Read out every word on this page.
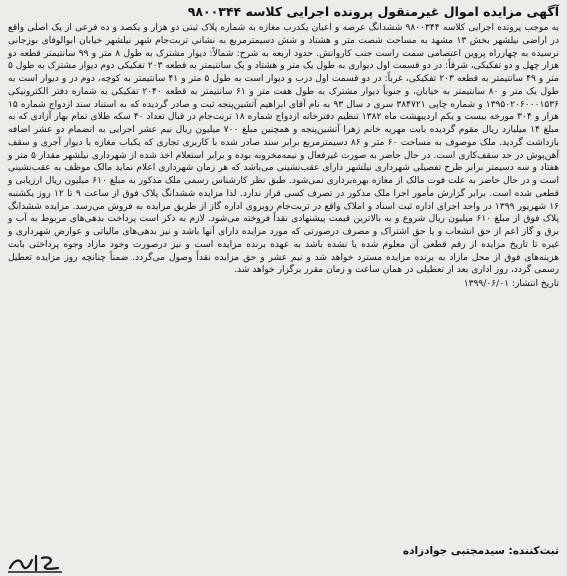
آگهی مزایده اموال غیرمنقول پرونده اجرایی کلاسه ۹۸۰۰۳۴۴

به موجب پرونده اجرایی کلاسه ۹۸۰۰۳۴۴ ششدانگ عرصه و اعیان یکدرب مغازه به شماره پلاک ثبتی دو هزار و یکصد و ده فرعی از یک اصلی واقع در اراضی نیلشهر بخش ۱۳ مشهد به مساحت شصت متر و هشتاد و شش دسیمترمربع به نشانی تربت‌جام شهر نیلشهر خیابان ابوالوفای بوزجانی نرسیده به چهارراه پروین اعتصامی سمت راست جنب کاروانش. حدود اربعه به شرح: شمالاً: دیوار مشترک به طول ۸ متر و ۹۹ سانتیمتر قطعه دو هزار چهل و دو تفکیکی، شرقاً: در دو قسمت اول دیواری به طول یک متر و هشتاد و یک سانتیمتر به قطعه ۲۰۳ تفکیکی دوم دیوار مشترک به طول ۵ متر و ۴۹ سانتیمتر به قطعه ۲۰۳ تفکیکی، غرباً: در دو قسمت اول درب و دیوار است به طول ۵ متر و ۴۱ سانتیمتر به کوچه، دوم در و دیوار است به طول یک متر و ۸۰ سانتیمتر به خیابان، و جنوباً دیوار مشترک به طول هفت متر و ۶۱ سانتیمتر به قطعه ۲۰۴۰ تفکیکی به شماره دفتر الکترونیکی ۱۳۹۵۰۲۰۶۰۰۰۱۵۳۶ و شماره چاپی ۳۸۴۷۲۱ سری د سال ۹۳ به نام آقای ابراهیم آتشین‌پنجه ثبت و صادر گردیده که به استناد سند ازدواج شماره ۱۵ هزار و ۳۰۴ مورخه بیست و یکم اردیبهشت ماه ۱۳۸۲ تنظیم دفترخانه ازدواج شماره ۱۸ تربت‌جام در قبال تعداد ۴۰ سکه طلای تمام بهار آزادی که به مبلغ ۱۴ میلیارد ریال مقوم گردیده بابت مهریه خانم زهرا آتشین‌پنجه و همچنین مبلغ ۷۰۰ میلیون ریال نیم عشر اجرایی به انضمام دو عشر اضافه بازداشت گردید. ملک موصوف به مساحت ۶۰ متر و ۸۶ دسیمترمربع برابر سند صادر شده با کاربری تجاری که یکباب مغازه با دیوار آجری و سقف آهن‌پوش در حد سقف‌کاری است. در حال حاضر به صورت غیرفعال و نیمه‌مخروبه بوده و برابر استعلام اخذ شده از شهرداری نیلشهر مقدار ۵ متر و هفتاد و سه دسیمتر برابر طرح تفصیلی شهرداری نیلشهر دارای عقب‌نشینی می‌باشد که هر زمان شهرداری اعلام نماید مالک موظف به عقب‌نشینی است و در حال حاضر به علت فوت مالک از مغازه بهره‌برداری نمی‌شود. طبق نظر کارشناس رسمی ملک مذکور به مبلغ ۶۱۰ میلیون ریال ارزیابی و قطعی شده است. برابر گزارش مأمور اجرا ملک مذکور در تصرف کسی قرار ندارد. لذا مزایده ششدانگ پلاک فوق از ساعت ۹ تا ۱۲ روز یکشنبه ۱۶ شهریور ۱۳۹۹ در واحد اجرای اداره ثبت اسناد و املاک واقع در تربت‌جام روبروی اداره گاز از طریق مزایده به فروش می‌رسد. مزایده ششدانگ پلاک فوق از مبلغ ۶۱۰ میلیون ریال شروع و به بالاترین قیمت پیشنهادی نقداً فروخته می‌شود. لازم به ذکر است پرداخت بدهی‌های مربوط به آب و برق و گاز اعم از حق انشعاب و یا حق اشتراک و مصرف درصورتی که مورد مزایده دارای آنها باشد و نیز بدهی‌های مالیاتی و عوارض شهرداری و غیره تا تاریخ مزایده از رقم قطعی آن معلوم شده یا نشده باشد به عهده برنده مزایده است و نیز درصورت وجود مازاد وجوه پرداختی بابت هزینه‌های فوق از محل مازاد به برنده مزایده مسترد خواهد شد و نیم عشر و حق مزایده نقداً وصول می‌گردد. ضمناً چنانچه روز مزایده تعطیل رسمی گردد، روز اداری بعد از تعطیلی در همان ساعت و زمان مقرر برگزار خواهد شد.

تاریخ انتشار: ۱۳۹۹/۰۶/۰۱
ثبت‌کننده: سیدمجتبی جوادزاده
